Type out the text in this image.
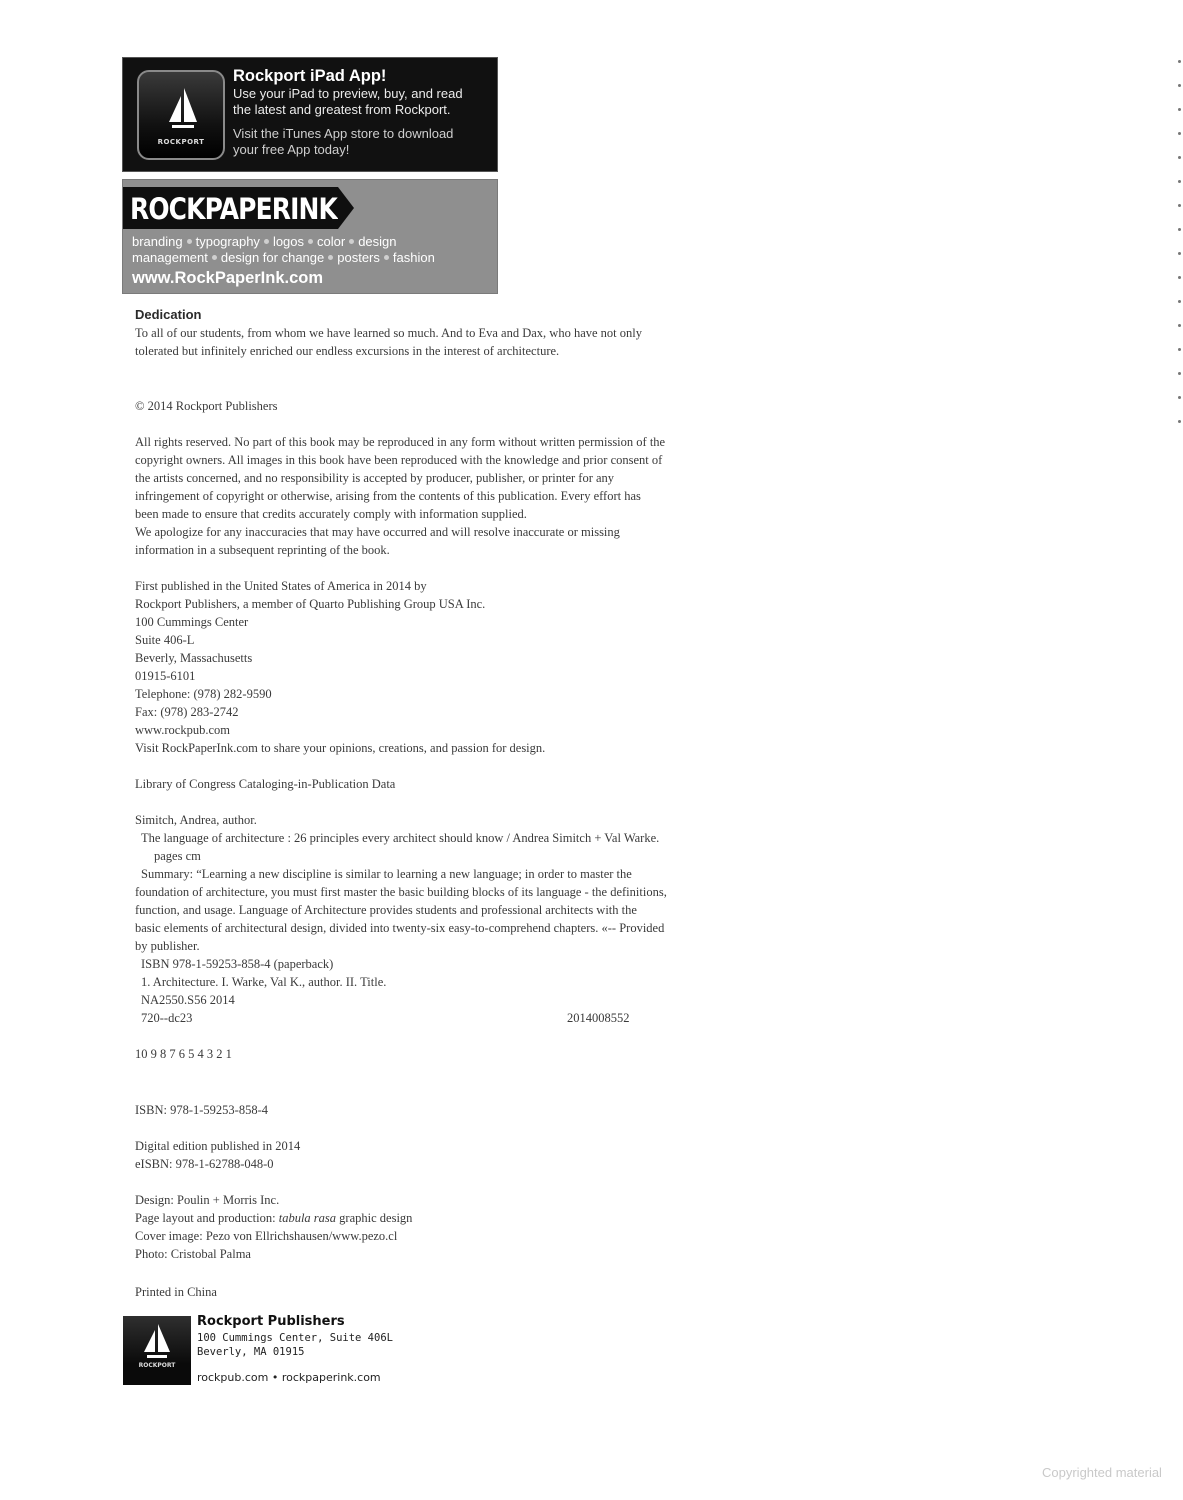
ROCKPORT
Rockport iPad App!
Use your iPad to preview, buy, and read
the latest and greatest from Rockport.
Visit the iTunes App store to download
your free App today!
ROCKPAPERINK
branding typography logos color design
management design for change posters fashion
www.RockPaperInk.com
Dedication
To all of our students, from whom we have learned so much. And to Eva and Dax, who have not only
tolerated but infinitely enriched our endless excursions in the interest of architecture.
© 2014 Rockport Publishers
All rights reserved. No part of this book may be reproduced in any form without written permission of the
copyright owners. All images in this book have been reproduced with the knowledge and prior consent of
the artists concerned, and no responsibility is accepted by producer, publisher, or printer for any
infringement of copyright or otherwise, arising from the contents of this publication. Every effort has
been made to ensure that credits accurately comply with information supplied.
We apologize for any inaccuracies that may have occurred and will resolve inaccurate or missing
information in a subsequent reprinting of the book.
First published in the United States of America in 2014 by
Rockport Publishers, a member of Quarto Publishing Group USA Inc.
100 Cummings Center
Suite 406-L
Beverly, Massachusetts
01915-6101
Telephone: (978) 282-9590
Fax: (978) 283-2742
www.rockpub.com
Visit RockPaperInk.com to share your opinions, creations, and passion for design.
Library of Congress Cataloging-in-Publication Data
Simitch, Andrea, author.
The language of architecture : 26 principles every architect should know / Andrea Simitch + Val Warke.
pages cm
Summary: “Learning a new discipline is similar to learning a new language; in order to master the
foundation of architecture, you must first master the basic building blocks of its language - the definitions,
function, and usage. Language of Architecture provides students and professional architects with the
basic elements of architectural design, divided into twenty-six easy-to-comprehend chapters. «-- Provided
by publisher.
ISBN 978-1-59253-858-4 (paperback)
1. Architecture. I. Warke, Val K., author. II. Title.
NA2550.S56 2014
720--dc23	2014008552
10 9 8 7 6 5 4 3 2 1
ISBN: 978-1-59253-858-4
Digital edition published in 2014
eISBN: 978-1-62788-048-0
Design: Poulin + Morris Inc.
Page layout and production: tabula rasa graphic design
Cover image: Pezo von Ellrichshausen/www.pezo.cl
Photo: Cristobal Palma
Printed in China
ROCKPORT
Rockport Publishers
100 Cummings Center, Suite 406L
Beverly, MA 01915
rockpub.com • rockpaperink.com
Copyrighted material
